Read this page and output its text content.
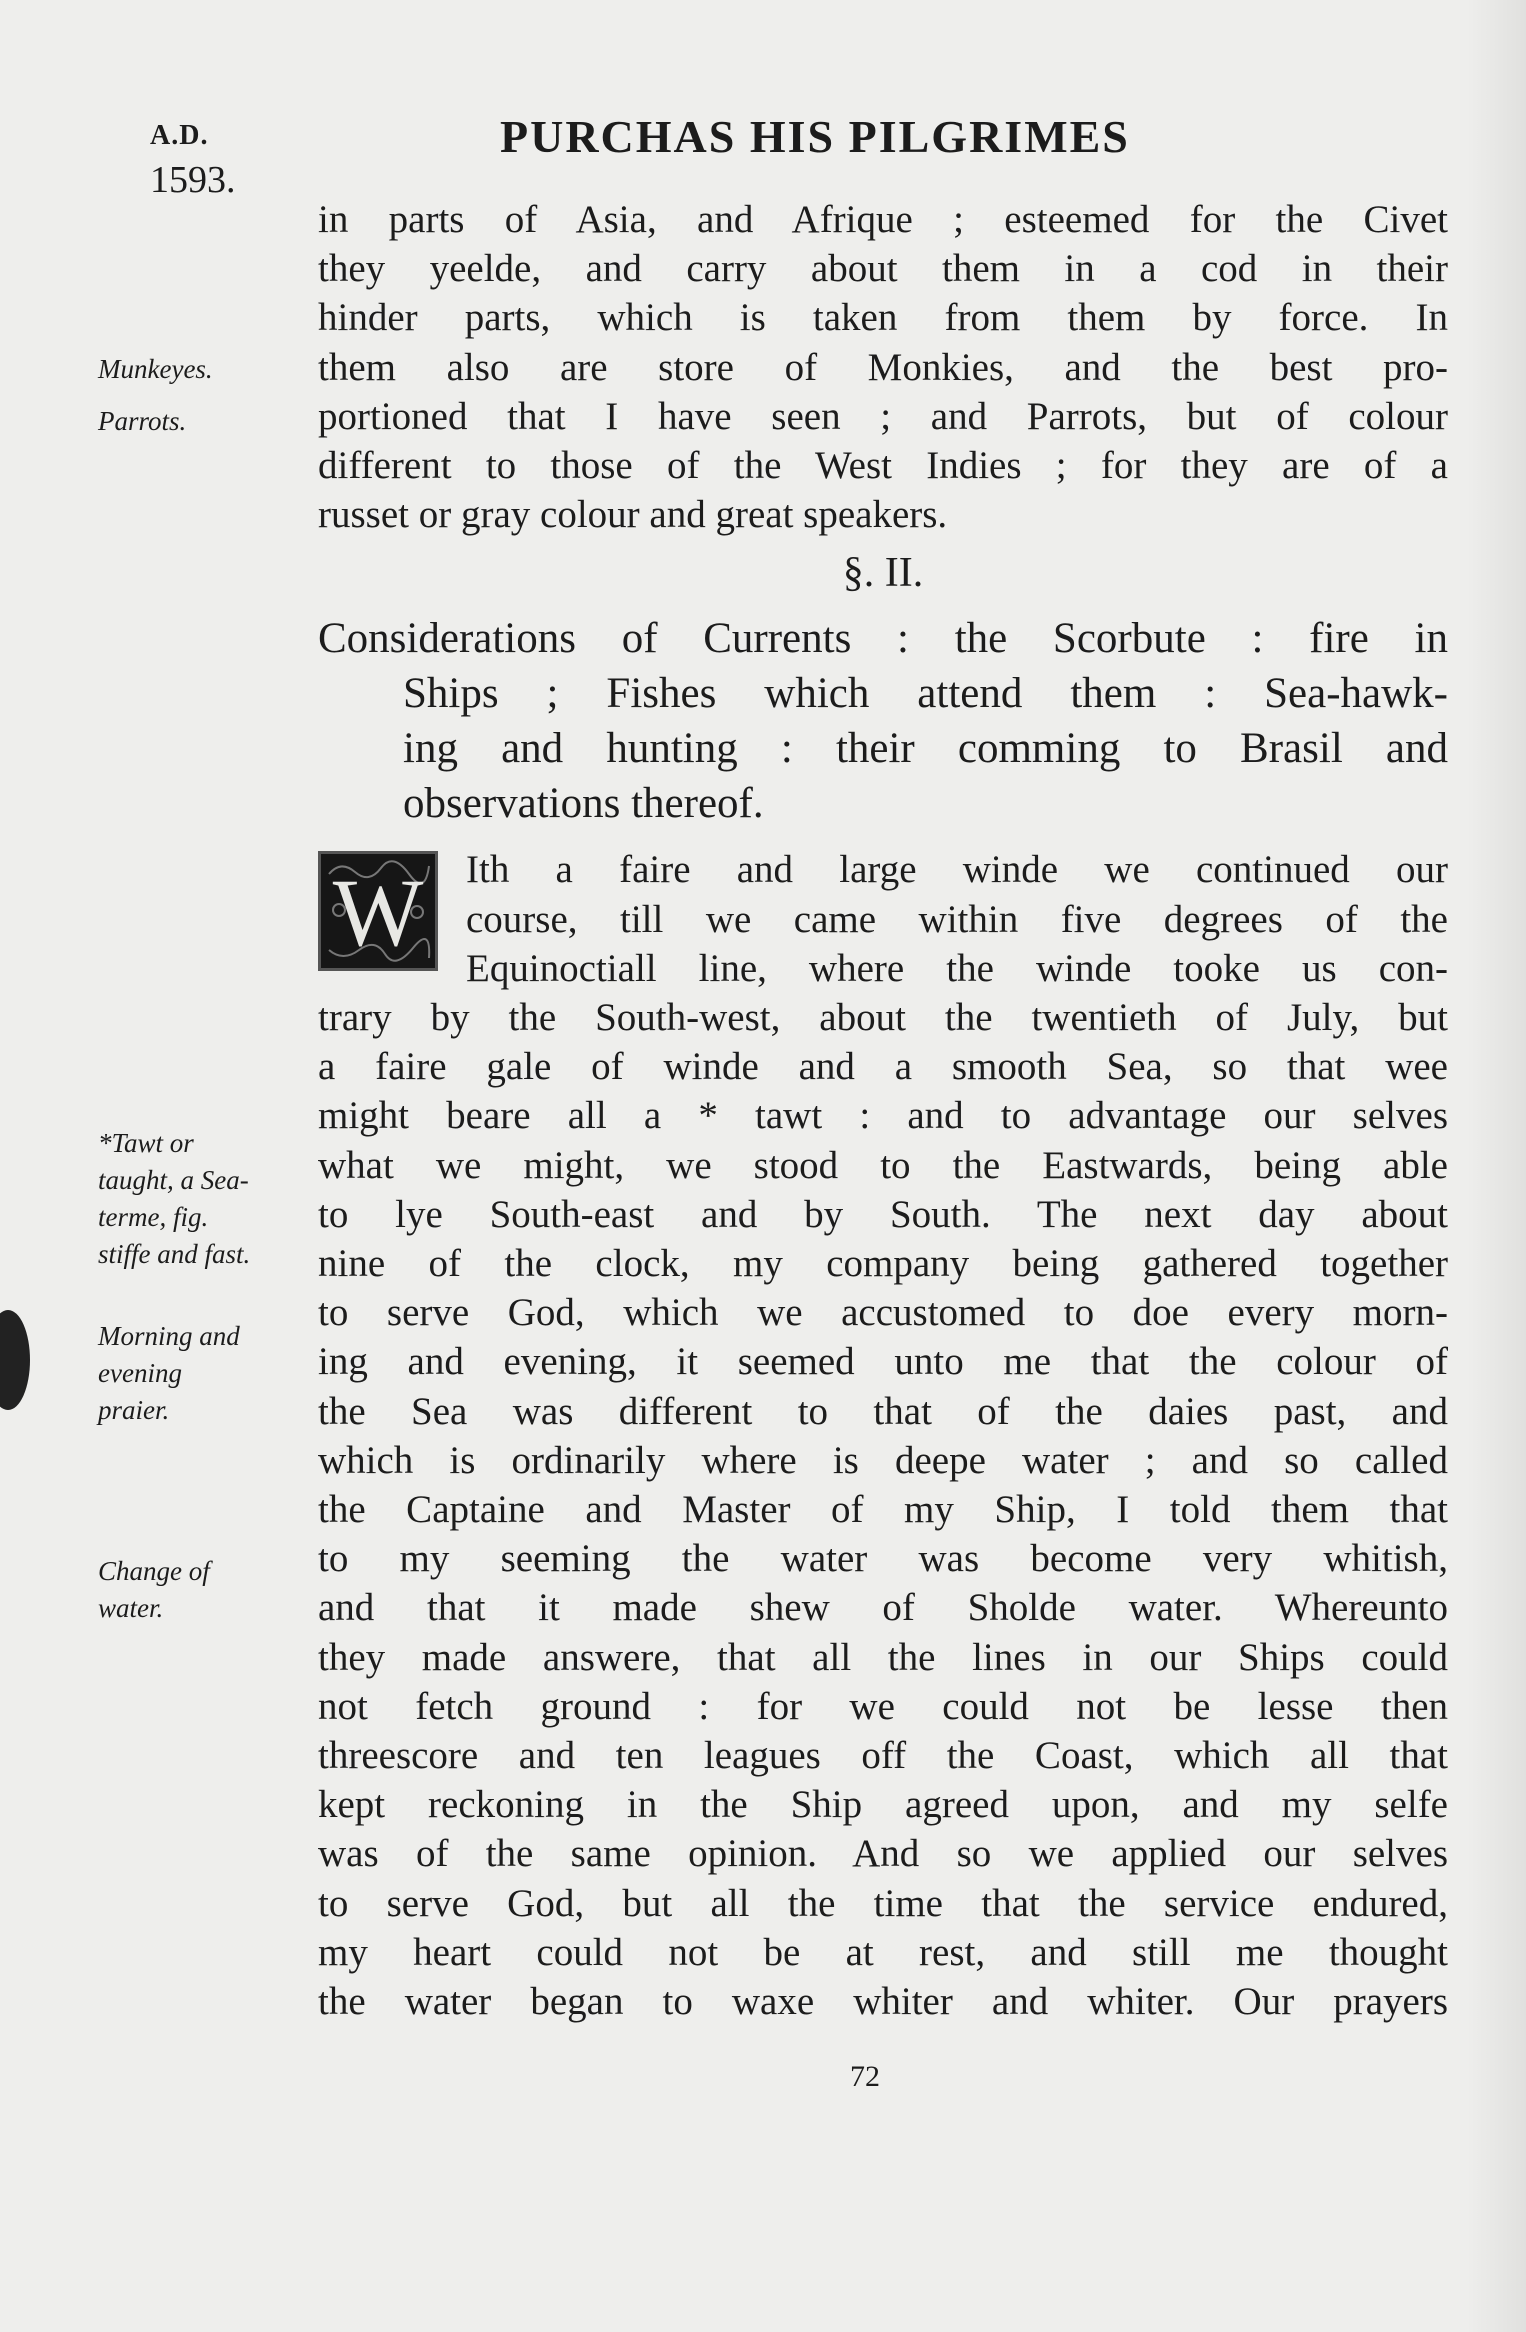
A.D.
1593.
PURCHAS HIS PILGRIMES
Munkeyes.
Parrots.
*Tawt or
taught, a Sea-
terme, fig.
stiffe and fast.
Morning and
evening
praier.
Change of
water.
in parts of Asia, and Afrique ; esteemed for the Civet
they yeelde, and carry about them in a cod in their
hinder parts, which is taken from them by force. In
them also are store of Monkies, and the best pro-
portioned that I have seen ; and Parrots, but of colour
different to those of the West Indies ; for they are of a
russet or gray colour and great speakers.
§. II.
Considerations of Currents : the Scorbute : fire in
Ships ; Fishes which attend them : Sea-hawk-
ing and hunting : their comming to Brasil and
observations thereof.
W	Ith a faire and large winde we continued our
course, till we came within five degrees of the
Equinoctiall line, where the winde tooke us con-
trary by the South-west, about the twentieth of July, but
a faire gale of winde and a smooth Sea, so that wee
might beare all a * tawt : and to advantage our selves
what we might, we stood to the Eastwards, being able
to lye South-east and by South. The next day about
nine of the clock, my company being gathered together
to serve God, which we accustomed to doe every morn-
ing and evening, it seemed unto me that the colour of
the Sea was different to that of the daies past, and
which is ordinarily where is deepe water ; and so called
the Captaine and Master of my Ship, I told them that
to my seeming the water was become very whitish,
and that it made shew of Sholde water. Whereunto
they made answere, that all the lines in our Ships could
not fetch ground : for we could not be lesse then
threescore and ten leagues off the Coast, which all that
kept reckoning in the Ship agreed upon, and my selfe
was of the same opinion. And so we applied our selves
to serve God, but all the time that the service endured,
my heart could not be at rest, and still me thought
the water began to waxe whiter and whiter. Our prayers
72
